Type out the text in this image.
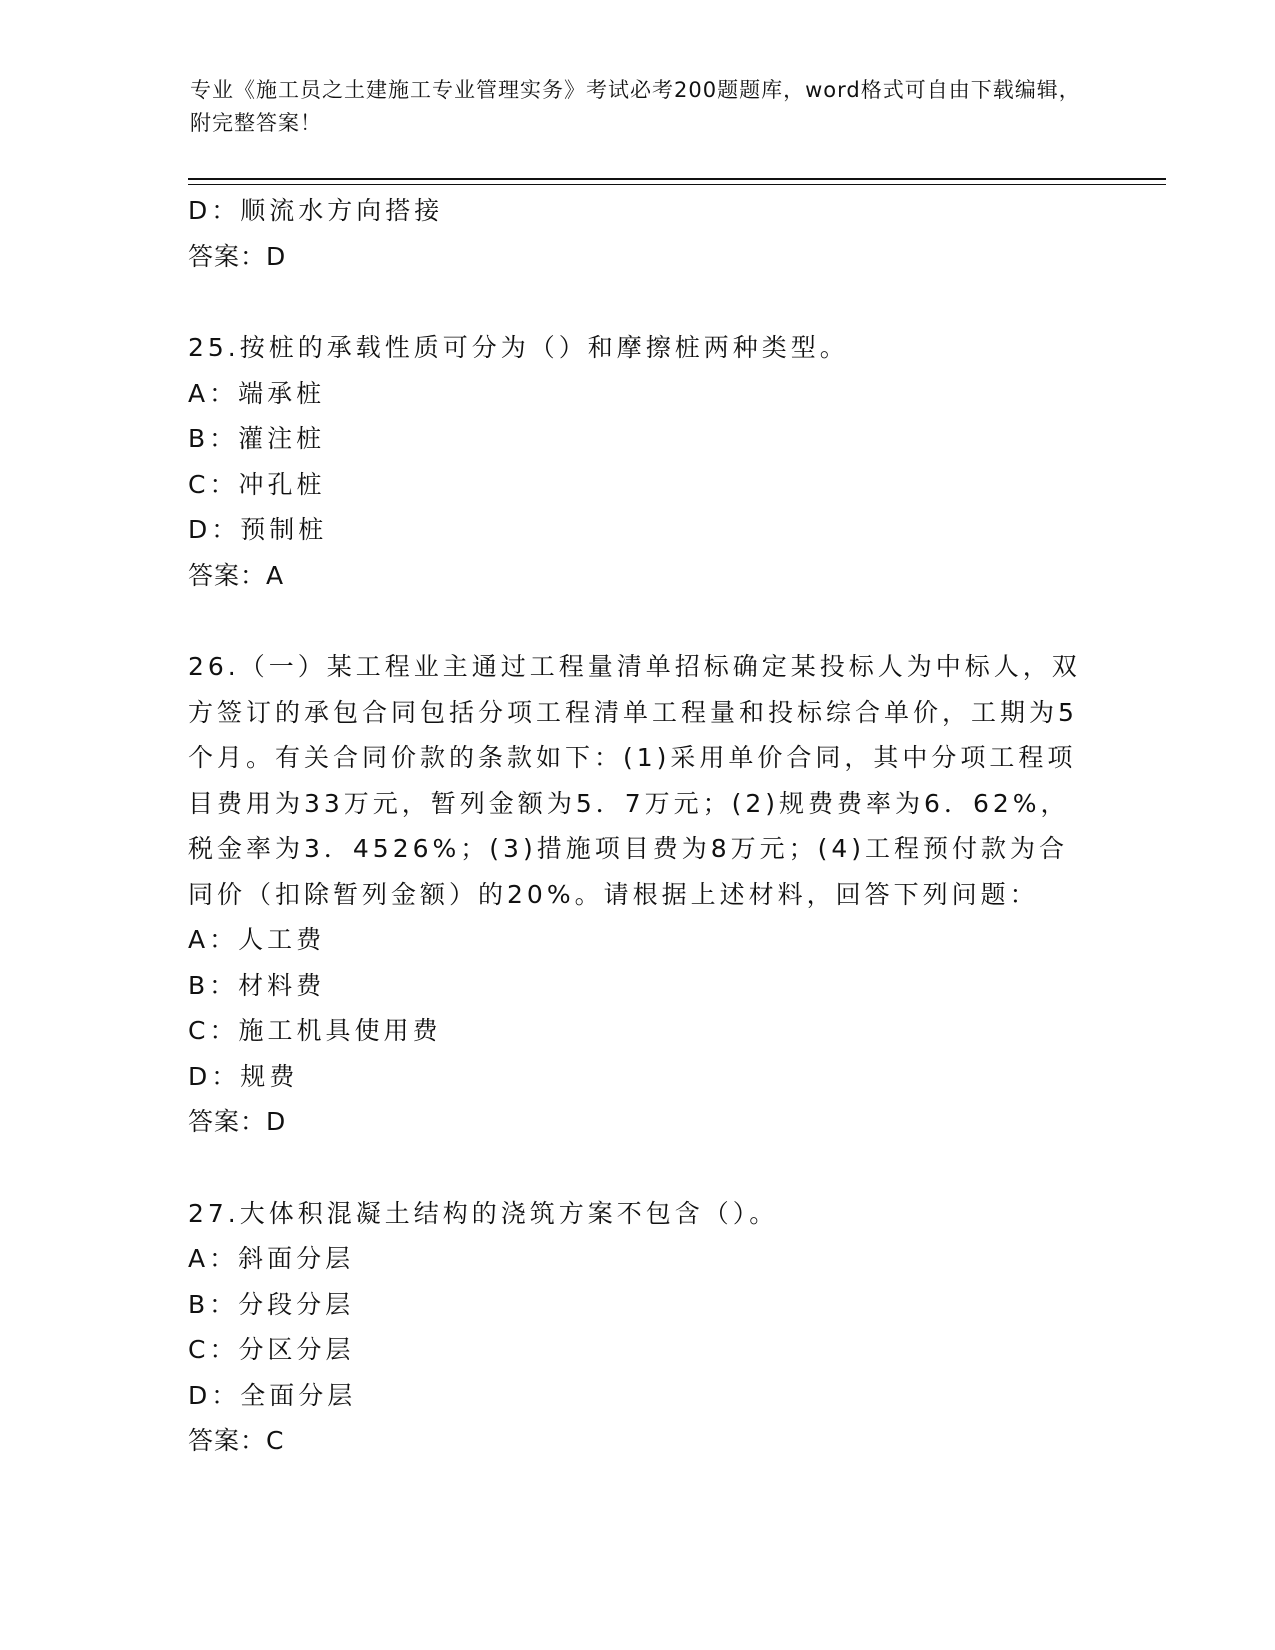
专业《施工员之土建施工专业管理实务》考试必考200题题库，word格式可自由下载编辑，附完整答案！
D：顺流水方向搭接
答案：D
25.按桩的承载性质可分为（）和摩擦桩两种类型。
A：端承桩
B：灌注桩
C：冲孔桩
D：预制桩
答案：A
26.（一）某工程业主通过工程量清单招标确定某投标人为中标人，双方签订的承包合同包括分项工程清单工程量和投标综合单价，工期为5个月。有关合同价款的条款如下：(1)采用单价合同，其中分项工程项目费用为33万元，暂列金额为5．7万元；(2)规费费率为6．62%，税金率为3．4526%；(3)措施项目费为8万元；(4)工程预付款为合同价（扣除暂列金额）的20%。请根据上述材料，回答下列问题：
A：人工费
B：材料费
C：施工机具使用费
D：规费
答案：D
27.大体积混凝土结构的浇筑方案不包含（）。
A：斜面分层
B：分段分层
C：分区分层
D：全面分层
答案：C
